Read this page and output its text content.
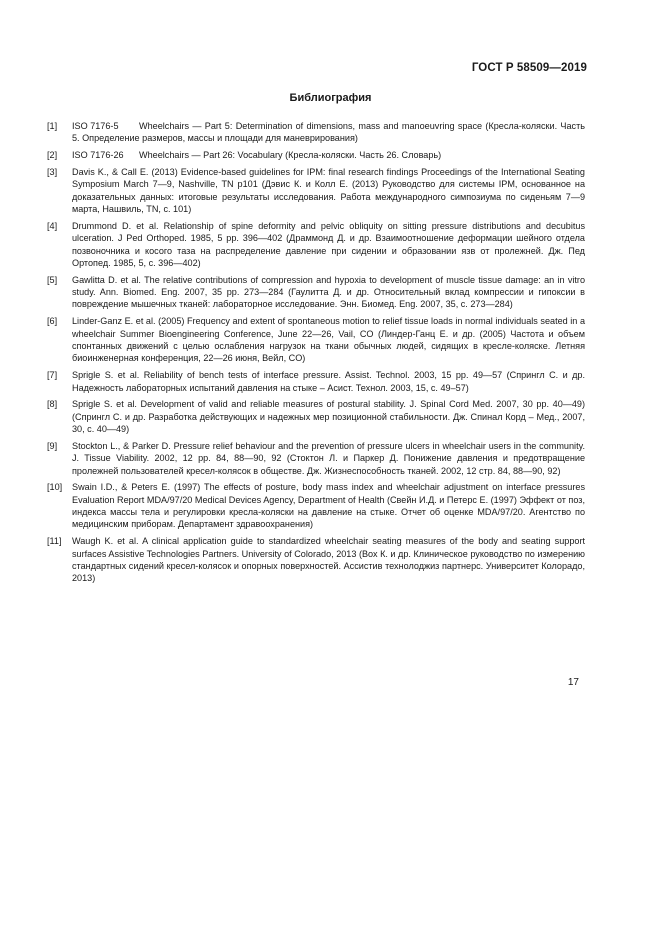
ГОСТ Р 58509—2019
Библиография
[1]	ISO 7176-5 Wheelchairs — Part 5: Determination of dimensions, mass and manoeuvring space (Кресла-коляски. Часть 5. Определение размеров, массы и площади для маневрирования)
[2]	ISO 7176-26 Wheelchairs — Part 26: Vocabulary (Кресла-коляски. Часть 26. Словарь)
[3]	Davis K., & Call E. (2013) Evidence-based guidelines for IPM: final research findings Proceedings of the International Seating Symposium March 7—9, Nashville, TN p101 (Дэвис К. и Колл Е. (2013) Руководство для системы IPM, основанное на доказательных данных: итоговые результаты исследования. Работа международного симпозиума по сиденьям 7—9 марта, Нашвиль, TN, с. 101)
[4]	Drummond D. et al. Relationship of spine deformity and pelvic obliquity on sitting pressure distributions and decubitus ulceration. J Ped Orthoped. 1985, 5 pp. 396—402 (Драммонд Д. и др. Взаимоотношение деформации шейного отдела позвоночника и косого таза на распределение давление при сидении и образовании язв от пролежней. Дж. Пед Ортопед. 1985, 5, с. 396—402)
[5]	Gawlitta D. et al. The relative contributions of compression and hypoxia to development of muscle tissue damage: an in vitro study. Ann. Biomed. Eng. 2007, 35 pp. 273—284 (Гаулитта Д. и др. Относительный вклад компрессии и гипоксии в повреждение мышечных тканей: лабораторное исследование. Энн. Биомед. Eng. 2007, 35, с. 273—284)
[6]	Linder-Ganz E. et al. (2005) Frequency and extent of spontaneous motion to relief tissue loads in normal individuals seated in a wheelchair Summer Bioengineering Conference, June 22—26, Vail, CO (Линдер-Ганц Е. и др. (2005) Частота и объем спонтанных движений с целью ослабления нагрузок на ткани обычных людей, сидящих в кресле-коляске. Летняя биоинженерная конференция, 22—26 июня, Вейл, CO)
[7]	Sprigle S. et al. Reliability of bench tests of interface pressure. Assist. Technol. 2003, 15 pp. 49—57 (Спрингл С. и др. Надежность лабораторных испытаний давления на стыке – Асист. Технол. 2003, 15, с. 49–57)
[8]	Sprigle S. et al. Development of valid and reliable measures of postural stability. J. Spinal Cord Med. 2007, 30 pp. 40—49) (Спрингл С. и др. Разработка действующих и надежных мер позиционной стабильности. Дж. Спинал Корд – Мед., 2007, 30, с. 40—49)
[9]	Stockton L., & Parker D. Pressure relief behaviour and the prevention of pressure ulcers in wheelchair users in the community. J. Tissue Viability. 2002, 12 pp. 84, 88—90, 92 (Стоктон Л. и Паркер Д. Понижение давления и предотвращение пролежней пользователей кресел-колясок в обществе. Дж. Жизнеспособность тканей. 2002, 12 стр. 84, 88—90, 92)
[10]	Swain I.D., & Peters E. (1997) The effects of posture, body mass index and wheelchair adjustment on interface pressures Evaluation Report MDA/97/20 Medical Devices Agency, Department of Health (Свейн И.Д. и Петерс Е. (1997) Эффект от поз, индекса массы тела и регулировки кресла-коляски на давление на стыке. Отчет об оценке MDA/97/20. Агентство по медицинским приборам. Департамент здравоохранения)
[11]	Waugh K. et al. A clinical application guide to standardized wheelchair seating measures of the body and seating support surfaces Assistive Technologies Partners. University of Colorado, 2013 (Вох К. и др. Клиническое руководство по измерению стандартных сидений кресел-колясок и опорных поверхностей. Ассистив технолоджиз партнерс. Университет Колорадо, 2013)
17
